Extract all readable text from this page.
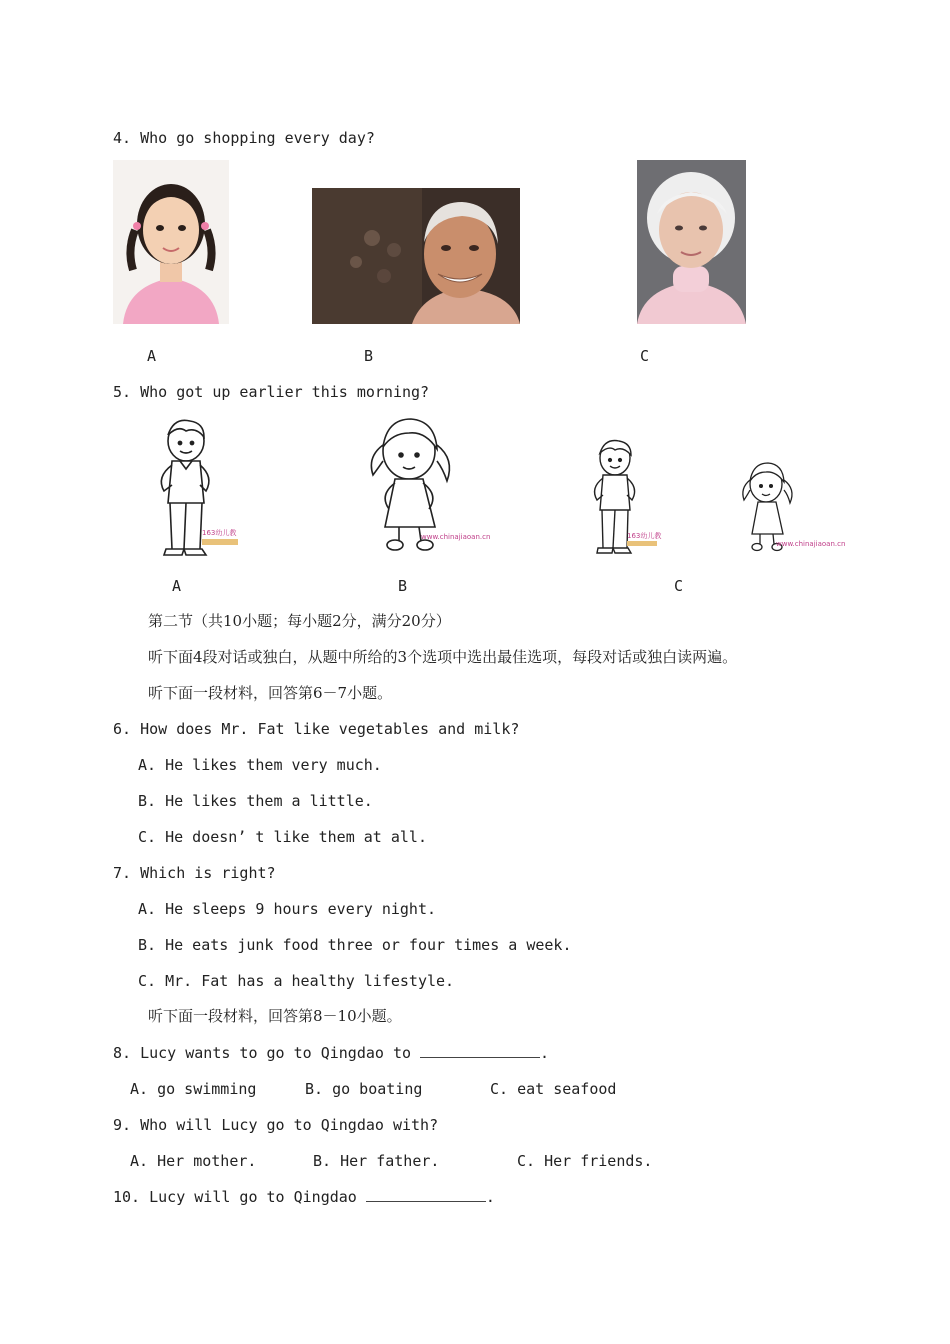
4. Who go shopping every day?
A	B	C
5. Who got up earlier this morning?
163幼儿教	www.chinajiaoan.cn	163幼儿教
www.chinajiaoan.cn
A	B	C
第二节（共10小题；每小题2分，满分20分）
听下面4段对话或独白，从题中所给的3个选项中选出最佳选项，每段对话或独白读两遍。
听下面一段材料，回答第6－7小题。
6. How does Mr. Fat like vegetables and milk?
A. He likes them very much.
B. He likes them a little.
C. He doesn’ t like them at all.
7. Which is right?
A. He sleeps 9 hours every night.
B. He eats junk food three or four times a week.
C. Mr. Fat has a healthy lifestyle.
听下面一段材料，回答第8－10小题。
8. Lucy wants to go to Qingdao to	.
A. go swimming	B. go boating	C. eat seafood
9. Who will Lucy go to Qingdao with?
A. Her mother.	B. Her father.	C. Her friends.
10. Lucy will go to Qingdao	.
